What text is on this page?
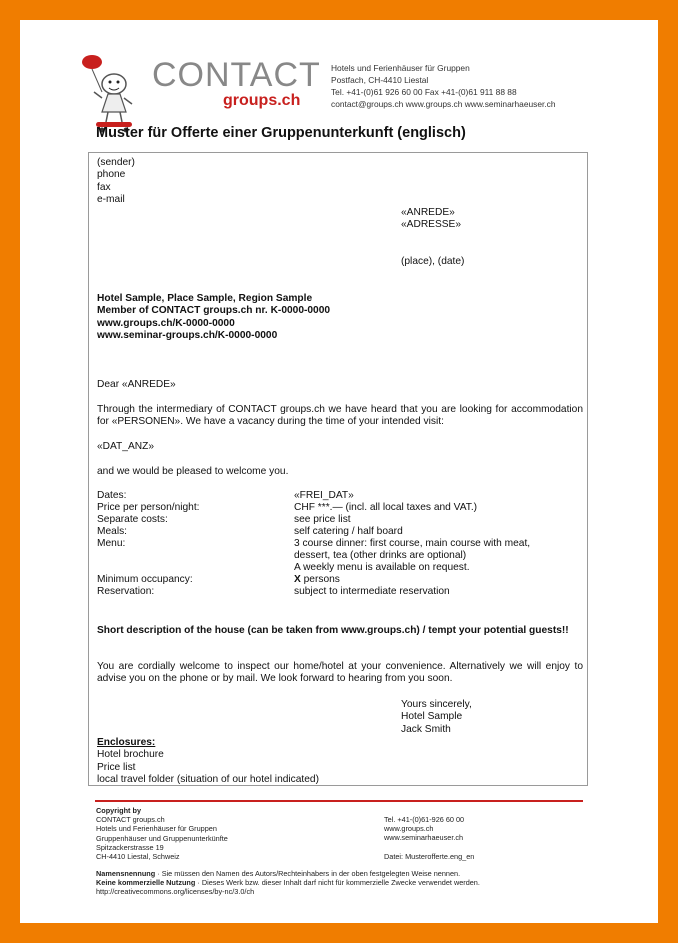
CONTACT
groups.ch
Hotels und Ferienhäuser für Gruppen
Postfach, CH-4410 Liestal
Tel. +41-(0)61 926 60 00 Fax +41-(0)61 911 88 88
contact@groups.ch www.groups.ch www.seminarhaeuser.ch
Muster für Offerte einer Gruppenunterkunft (englisch)
(sender)
phone
fax
e-mail
«ANREDE»
«ADRESSE»
(place), (date)
Hotel Sample, Place Sample, Region Sample
Member of CONTACT groups.ch nr. K-0000-0000
www.groups.ch/K-0000-0000
www.seminar-groups.ch/K-0000-0000
Dear «ANREDE»
Through the intermediary of CONTACT groups.ch we have heard that you are looking for accommodation for «PERSONEN». We have a vacancy during the time of your intended visit:
«DAT_ANZ»
and we would be pleased to welcome you.
Dates:	«FREI_DAT»
Price per person/night:	CHF ***.— (incl. all local taxes and VAT.)
Separate costs:	see price list
Meals:	self catering / half board
Menu:	3 course dinner: first course, main course with meat,
dessert, tea (other drinks are optional)
A weekly menu is available on request.
Minimum occupancy:	X persons
Reservation:	subject to intermediate reservation
Short description of the house (can be taken from www.groups.ch) / tempt your potential guests!!
You are cordially welcome to inspect our home/hotel at your convenience. Alternatively we will enjoy to advise you on the phone or by mail. We look forward to hearing from you soon.
Yours sincerely,
Hotel Sample
Jack Smith
Enclosures:
Hotel brochure
Price list
local travel folder (situation of our hotel indicated)
Copyright by
CONTACT groups.ch
Hotels und Ferienhäuser für Gruppen
Gruppenhäuser und Gruppenunterkünfte
Spitzackerstrasse 19
CH-4410 Liestal, Schweiz
Tel. +41-(0)61-926 60 00
www.groups.ch
www.seminarhaeuser.ch
Datei: Musterofferte.eng_en
Namensnennung · Sie müssen den Namen des Autors/Rechteinhabers in der oben festgelegten Weise nennen.
Keine kommerzielle Nutzung · Dieses Werk bzw. dieser Inhalt darf nicht für kommerzielle Zwecke verwendet werden.
http://creativecommons.org/licenses/by-nc/3.0/ch
